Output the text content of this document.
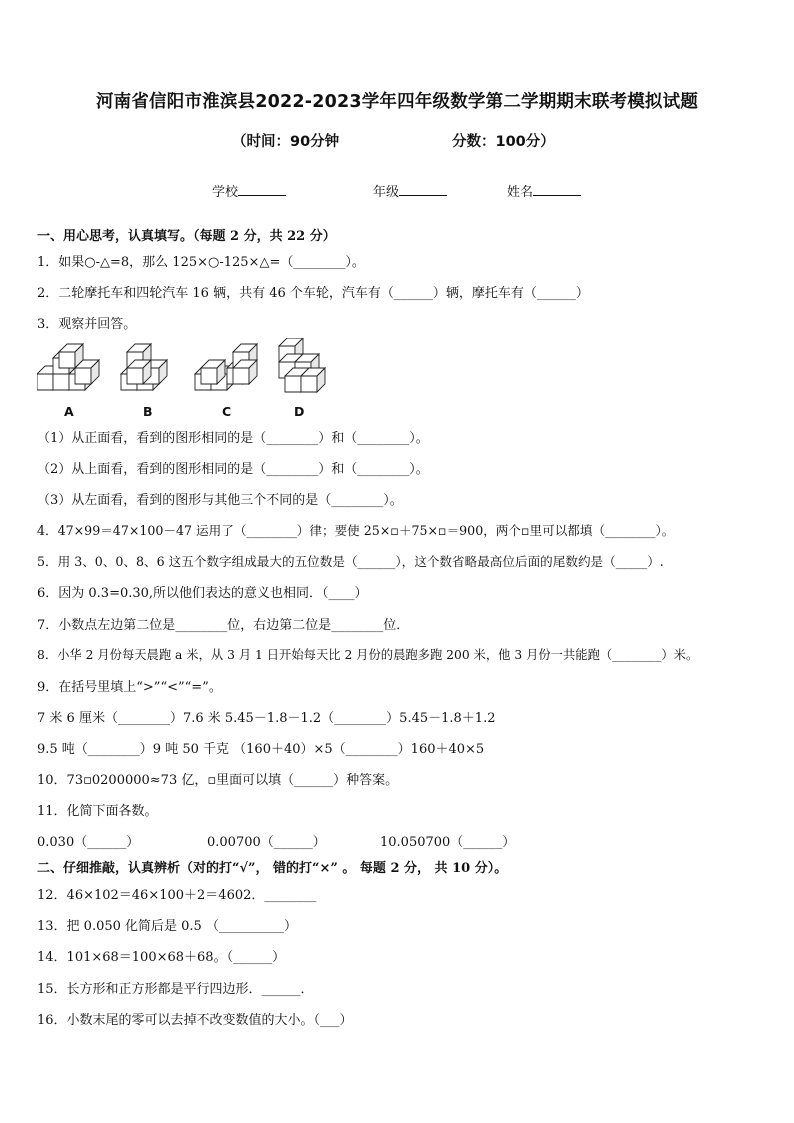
河南省信阳市淮滨县2022-2023学年四年级数学第二学期期末联考模拟试题
（时间：90分钟	分数：100分）
学校	年级	姓名
一、用心思考，认真填写。（每题 2 分，共 22 分）
1．如果○-△=8，那么 125×○-125×△=（________）。
2．二轮摩托车和四轮汽车 16 辆，共有 46 个车轮，汽车有（______）辆，摩托车有（______）
3．观察并回答。
A	B	C	D
（1）从正面看，看到的图形相同的是（________）和（________）。
（2）从上面看，看到的图形相同的是（________）和（________）。
（3）从左面看，看到的图形与其他三个不同的是（________）。
4．47×99＝47×100－47 运用了（________）律；要使 25×▫＋75×▫＝900，两个▫里可以都填（________）。
5．用 3、0、0、8、6 这五个数字组成最大的五位数是（______），这个数省略最高位后面的尾数约是（_____）.
6．因为 0.3=0.30,所以他们表达的意义也相同．（____）
7．小数点左边第二位是________位，右边第二位是________位．
8．小华 2 月份每天晨跑 a 米，从 3 月 1 日开始每天比 2 月份的晨跑多跑 200 米，他 3 月份一共能跑（________）米。
9．在括号里填上“>”“<”“=”。
7 米 6 厘米（________）7.6 米 5.45－1.8－1.2（________）5.45－1.8＋1.2
9.5 吨（________）9 吨 50 千克 （160＋40）×5（________）160＋40×5
10．73▫0200000≈73 亿，▫里面可以填（______）种答案。
11．化简下面各数。
0.030（______）	0.00700（______）	10.050700（______）
二、仔细推敲，认真辨析（对的打“√”， 错的打“×” 。 每题 2 分， 共 10 分）。
12．46×102＝46×100＋2＝4602．________
13．把 0.050 化简后是 0.5 （__________）
14．101×68＝100×68＋68。（______）
15．长方形和正方形都是平行四边形．______．
16．小数末尾的零可以去掉不改变数值的大小。（___）
